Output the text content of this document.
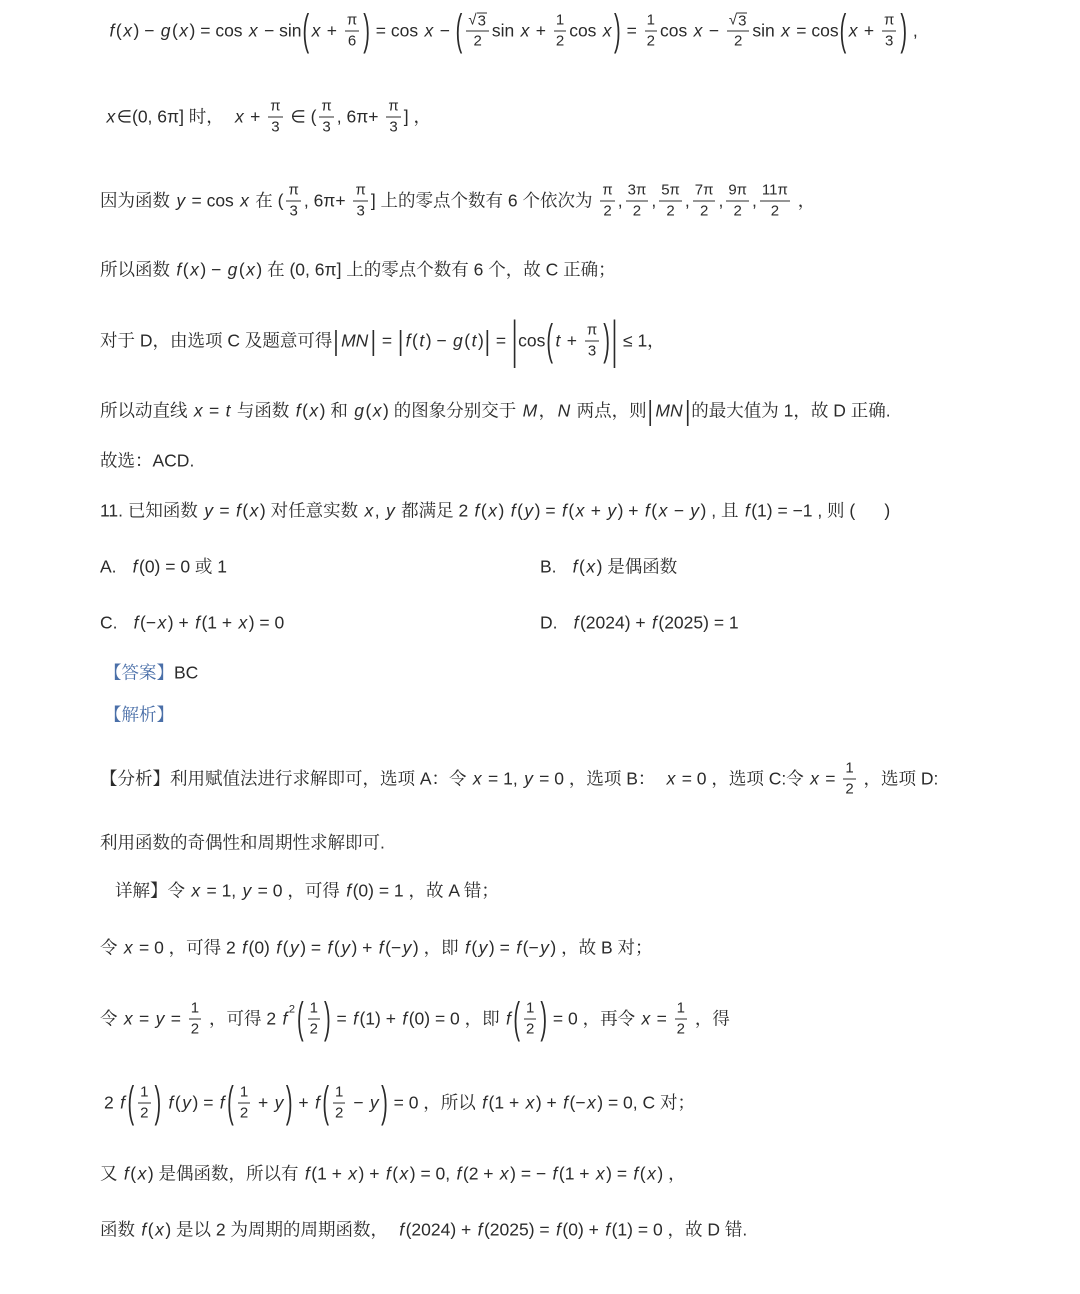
f ( x ) − g ( x ) = cos x − sin ( $x + \frac{\pi}{6}$ ) = cos x − ( $\frac{√ 3}{2}$ $\sin x + \frac{1}{2}$ cos x ) = $\frac{1}{2}$ $\cos x - \frac{√ 3}{2}$ sin x = cos ( $x + \frac{\pi}{3}$ ) ,
x ∈(0, 6π] 时， $x + \frac{\pi}{3}$ ∈ ( $\frac{\pi}{3}$ , $6\pi+ \frac{\pi}{3}$ ] ，
因为函数 y = cos x 在 ( $\frac{\pi}{3}$ , $6\pi+ \frac{\pi}{3}$ ] 上的零点个数有 6 个依次为 $\frac{\pi}{2}$ , $\frac{3\pi}{2}$ , $\frac{5\pi}{2}$ , $\frac{7\pi}{2}$ , $\frac{9\pi}{2}$ , $\frac{11\pi}{2}$ ，
所以函数 f ( x ) − g ( x ) 在 (0, 6π] 上的零点个数有 6 个，故 C 正确；
对于 D，由选项 C 及题意可得 | MN | = | f ( t ) − g ( t ) | = | cos ( $t + \frac{\pi}{3}$ ) | ≤ 1，
所以动直线 x = t 与函数 f ( x ) 和 g ( x ) 的图象分别交于 M ， N 两点，则 | MN | 的最大值为 1，故 D 正确.
故选：ACD.
11. 已知函数 y = f ( x ) 对任意实数 x , y 都满足 2 f ( x ) f ( y ) = f ( x + y ) + f ( x − y ) , 且 f (1) = −1 , 则 (      )
A. f (0) = 0 或 1	B. f ( x ) 是偶函数
C. f (− x ) + f (1 + x ) = 0	D. f (2024) + f (2025) = 1
【答案】 BC
【解析】
【分析】利用赋值法进行求解即可，选项 A：令 x = 1, y = 0 ，选项 B： x = 0 ，选项 C:令 $x = \frac{1}{2}$ ，选项 D:
利用函数的奇偶性和周期性求解即可.
详解】令 x = 1, y = 0 ，可得 f (0) = 1 ，故 A 错；
令 x = 0 ，可得 2 f (0) f ( y ) = f ( y ) + f (− y ) ，即 f ( y ) = f (− y ) ，故 B 对；
令 $x = y = \frac{1}{2}$ ，可得 2 f 2 ( $\frac{1}{2}$ ) = f (1) + f (0) = 0 ，即 f ( $\frac{1}{2}$ ) = 0 ，再令 $x = \frac{1}{2}$ ，得
2 f ( $\frac{1}{2}$ )
f ( y ) = f ( $\frac{1}{2} + y$ ) + f ( $\frac{1}{2} - y$ ) = 0 ，所以 f (1 + x ) + f (− x ) = 0, C 对；
又 f ( x ) 是偶函数，所以有 f (1 + x ) + f ( x ) = 0, f (2 + x ) = − f (1 + x ) = f ( x ) ，
函数 f ( x ) 是以 2 为周期的周期函数， f (2024) + f (2025) = f (0) + f (1) = 0 ，故 D 错.
